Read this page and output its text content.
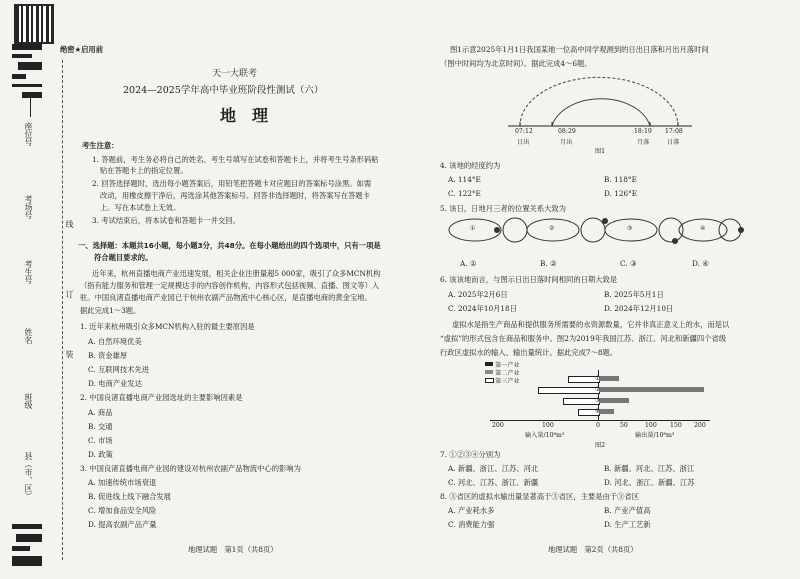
座位号
考场号
考生号
姓名
班级
县（市、区）
线
订
装
绝密★启用前
天一大联考
2024—2025学年高中毕业班阶段性测试（六）
地　理
考生注意：
1. 答题前，考生务必将自己的姓名、考生号填写在试卷和答题卡上，并将考生号条形码粘
贴在答题卡上的指定位置。
2. 回答选择题时，选出每小题答案后，用铅笔把答题卡对应题目的答案标号涂黑。如需
改动，用橡皮擦干净后，再选涂其他答案标号。回答非选择题时，将答案写在答题卡
上。写在本试卷上无效。
3. 考试结束后，将本试卷和答题卡一并交回。
一、选择题：本题共16小题，每小题3分，共48分。在每小题给出的四个选项中，只有一项是
符合题目要求的。
近年来，杭州直播电商产业迅速发展，相关企业注册量超5 000家，吸引了众多MCN机构
（指有能力服务和管理一定规模达手的内容创作机构，内容形式包括视频、直播、图文等）入
驻。中国良渚直播电商产业园已于杭州农副产品物流中心核心区，是直播电商的黄金宝地。
据此完成1～3题。
1. 近年来杭州吸引众多MCN机构入驻的最主要原因是
A. 自然环境优美
B. 资金雄厚
C. 互联网技术先进
D. 电商产业发达
2. 中国良渚直播电商产业园选址的主要影响因素是
A. 商品
B. 交通
C. 市场
D. 政策
3. 中国良渚直播电商产业园的建设对杭州农副产品物流中心的影响为
A. 加速传统市场衰退
B. 促进线上线下融合发展
C. 增加食品安全风险
D. 提高农副产品产量
地理试题　第1页（共8页）
图1示意2025年1月1日我国某地一位高中同学观测到的日出日落和月出月落时间
（图中时间均为北京时间）。据此完成4～6题。
07:12	08:29	18:19 17:08
日出	月出	月落	日落
图1
4. 该地的经度约为
A. 114°E	B. 118°E
C. 122°E	D. 126°E
5. 该日，日地月三者的位置关系大致为
①	②	③	④
A. ①	B. ②	C. ③	D. ④
6. 该该地而言，与图示日出日落时间相同的日期大致是
A. 2025年2月6日	B. 2025年5月1日
C. 2024年10月18日	D. 2024年12月10日
虚拟水是指生产商品和提供服务所需要的水资源数量，它并非真正意义上的水，而是以
“虚拟”的形式包含在商品和服务中。图2为2019年我国江苏、浙江、河北和新疆四个省级
行政区虚拟水的输入、输出量统计。据此完成7～8题。
第一产业
第二产业
第三产业	①
②
③
④
200	100	0	50	100 150 200
输入量/10⁸m³	输出量/10⁸m³
图2
7. ①②③④分别为
A. 新疆、浙江、江苏、河北	B. 新疆、河北、江苏、浙江
C. 河北、江苏、浙江、新疆	D. 河北、浙江、新疆、江苏
8. ③省区的虚拟水输出量显著高于③省区，主要是由于③省区
A. 产业耗水多	B. 产业产值高
C. 消费能力强	D. 生产工艺新
地理试题　第2页（共8页）
